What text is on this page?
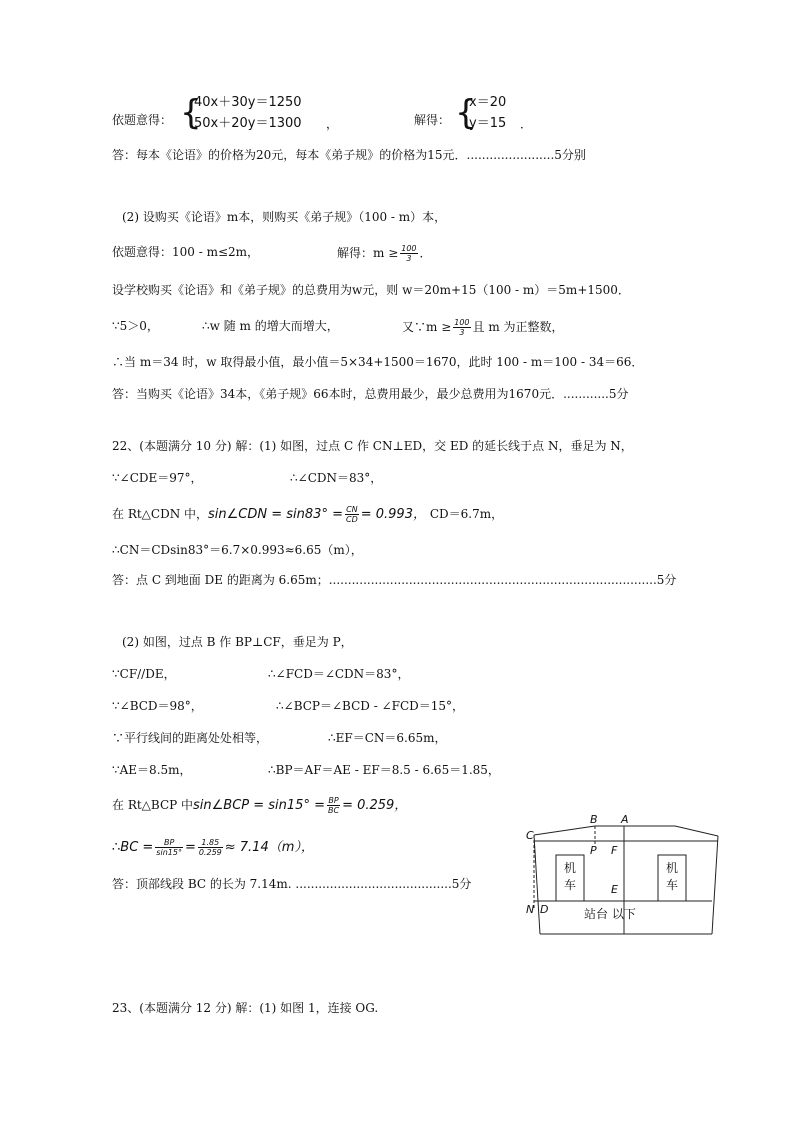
依题意得： {
40x＋30y＝1250
50x＋20y＝1300 ，	解得： {
x＝20
y＝15 ．
答：每本《论语》的价格为20元，每本《弟子规》的价格为15元．.......................5分别
(2) 设购买《论语》m本，则购买《弟子规》（100 - m）本，
依题意得：100 - m≤2m，	解得：$m \ge \frac{100}{3}$ ．
设学校购买《论语》和《弟子规》的总费用为w元，则 w＝20m+15（100 - m）＝5m+1500．
∵5＞0，	∴w 随 m 的增大而增大，	又∵m ≥ $\frac{100}{3}$ 且 m 为正整数，
∴当 m＝34 时，w 取得最小值，最小值＝5×34+1500＝1670，此时 100 - m＝100 - 34＝66．
答：当购买《论语》34本，《弟子规》66本时，总费用最少，最少总费用为1670元．............5分
22、(本题满分 10 分) 解：(1) 如图，过点 C 作 CN⊥ED，交 ED 的延长线于点 N，垂足为 N，
∵∠CDE＝97°，	∴∠CDN＝83°，
在 Rt△CDN 中，sin∠CDN = $\sin 83^\circ = \frac{CN}{CD} = 0.993$， CD＝6.7m，
∴CN＝CDsin83°＝6.7×0.993≈6.65（m），
答：点 C 到地面 DE 的距离为 6.65m；......................................................................................5分
(2) 如图，过点 B 作 BP⊥CF，垂足为 P，
∵CF//DE，	∴∠FCD＝∠CDN＝83°，
∵∠BCD＝98°，	∴∠BCP＝∠BCD - ∠FCD＝15°，
∵平行线间的距离处处相等，	∴EF＝CN＝6.65m，
∵AE＝8.5m，	∴BP＝AF＝AE - EF＝8.5 - 6.65＝1.85，
在 Rt△BCP 中sin∠BCP = $\sin 15^\circ = \frac{BP}{BC} = 0.259$，
∴BC = $\frac{BP}{\sin 15^\circ} = \frac{1.85}{0.259} \approx 7.14(m)$，
答：顶部线段 BC 的长为 7.14m. .........................................5分
C
B A
P F
E
N D
机
车
机
车
站台 以下
23、(本题满分 12 分) 解：(1) 如图 1，连接 OG.
